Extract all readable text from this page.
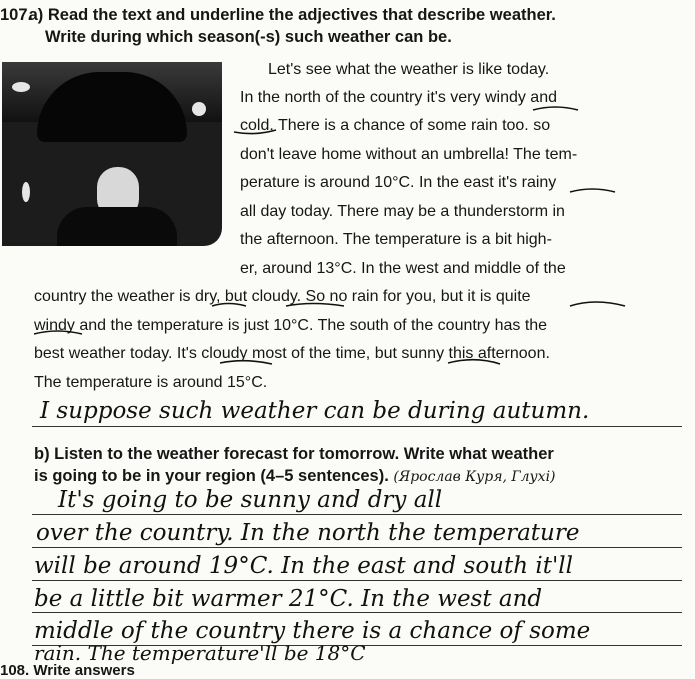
107. a) Read the text and underline the adjectives that describe weather.
Write during which season(-s) such weather can be.
Let's see what the weather is like today.
In the north of the country it's very windy and
cold. There is a chance of some rain too. so
don't leave home without an umbrella! The tem-
perature is around 10°C. In the east it's rainy
all day today. There may be a thunderstorm in
the afternoon. The temperature is a bit high-
er, around 13°C. In the west and middle of the
country the weather is dry, but cloudy. So no rain for you, but it is quite
windy and the temperature is just 10°C. The south of the country has the
best weather today. It's cloudy most of the time, but sunny this afternoon.
The temperature is around 15°C.
I suppose such weather can be during autumn.
b) Listen to the weather forecast for tomorrow. Write what weather
is going to be in your region (4–5 sentences). (Ярослав Куря, Глухі)
It's going to be sunny and dry all
over the country. In the north the temperature
will be around 19°C. In the east and south it'll
be a little bit warmer 21°C. In the west and
middle of the country there is a chance of some
rain. The temperature'll be 18°C
108. Write answers
